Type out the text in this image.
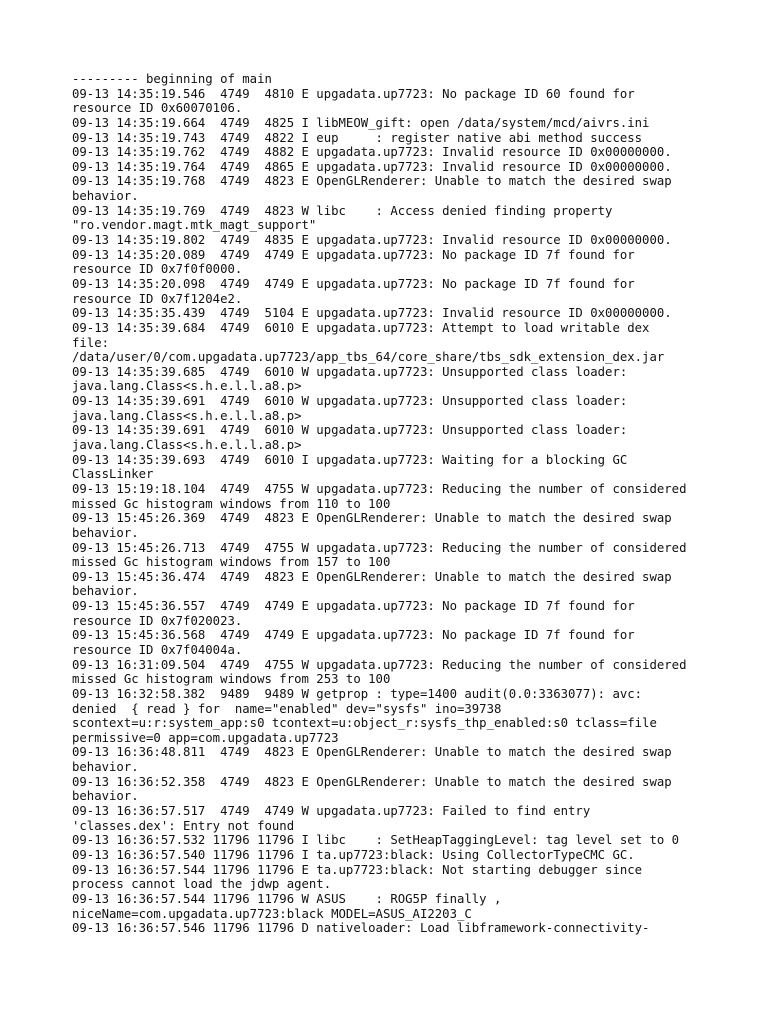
--------- beginning of main
09-13 14:35:19.546  4749  4810 E upgadata.up7723: No package ID 60 found for
resource ID 0x60070106.
09-13 14:35:19.664  4749  4825 I libMEOW_gift: open /data/system/mcd/aivrs.ini
09-13 14:35:19.743  4749  4822 I eup     : register native abi method success
09-13 14:35:19.762  4749  4882 E upgadata.up7723: Invalid resource ID 0x00000000.
09-13 14:35:19.764  4749  4865 E upgadata.up7723: Invalid resource ID 0x00000000.
09-13 14:35:19.768  4749  4823 E OpenGLRenderer: Unable to match the desired swap
behavior.
09-13 14:35:19.769  4749  4823 W libc    : Access denied finding property
"ro.vendor.magt.mtk_magt_support"
09-13 14:35:19.802  4749  4835 E upgadata.up7723: Invalid resource ID 0x00000000.
09-13 14:35:20.089  4749  4749 E upgadata.up7723: No package ID 7f found for
resource ID 0x7f0f0000.
09-13 14:35:20.098  4749  4749 E upgadata.up7723: No package ID 7f found for
resource ID 0x7f1204e2.
09-13 14:35:35.439  4749  5104 E upgadata.up7723: Invalid resource ID 0x00000000.
09-13 14:35:39.684  4749  6010 E upgadata.up7723: Attempt to load writable dex
file:
/data/user/0/com.upgadata.up7723/app_tbs_64/core_share/tbs_sdk_extension_dex.jar
09-13 14:35:39.685  4749  6010 W upgadata.up7723: Unsupported class loader:
java.lang.Class<s.h.e.l.l.a8.p>
09-13 14:35:39.691  4749  6010 W upgadata.up7723: Unsupported class loader:
java.lang.Class<s.h.e.l.l.a8.p>
09-13 14:35:39.691  4749  6010 W upgadata.up7723: Unsupported class loader:
java.lang.Class<s.h.e.l.l.a8.p>
09-13 14:35:39.693  4749  6010 I upgadata.up7723: Waiting for a blocking GC
ClassLinker
09-13 15:19:18.104  4749  4755 W upgadata.up7723: Reducing the number of considered
missed Gc histogram windows from 110 to 100
09-13 15:45:26.369  4749  4823 E OpenGLRenderer: Unable to match the desired swap
behavior.
09-13 15:45:26.713  4749  4755 W upgadata.up7723: Reducing the number of considered
missed Gc histogram windows from 157 to 100
09-13 15:45:36.474  4749  4823 E OpenGLRenderer: Unable to match the desired swap
behavior.
09-13 15:45:36.557  4749  4749 E upgadata.up7723: No package ID 7f found for
resource ID 0x7f020023.
09-13 15:45:36.568  4749  4749 E upgadata.up7723: No package ID 7f found for
resource ID 0x7f04004a.
09-13 16:31:09.504  4749  4755 W upgadata.up7723: Reducing the number of considered
missed Gc histogram windows from 253 to 100
09-13 16:32:58.382  9489  9489 W getprop : type=1400 audit(0.0:3363077): avc:
denied  { read } for  name="enabled" dev="sysfs" ino=39738
scontext=u:r:system_app:s0 tcontext=u:object_r:sysfs_thp_enabled:s0 tclass=file
permissive=0 app=com.upgadata.up7723
09-13 16:36:48.811  4749  4823 E OpenGLRenderer: Unable to match the desired swap
behavior.
09-13 16:36:52.358  4749  4823 E OpenGLRenderer: Unable to match the desired swap
behavior.
09-13 16:36:57.517  4749  4749 W upgadata.up7723: Failed to find entry
'classes.dex': Entry not found
09-13 16:36:57.532 11796 11796 I libc    : SetHeapTaggingLevel: tag level set to 0
09-13 16:36:57.540 11796 11796 I ta.up7723:black: Using CollectorTypeCMC GC.
09-13 16:36:57.544 11796 11796 E ta.up7723:black: Not starting debugger since
process cannot load the jdwp agent.
09-13 16:36:57.544 11796 11796 W ASUS    : ROG5P finally ,
niceName=com.upgadata.up7723:black MODEL=ASUS_AI2203_C
09-13 16:36:57.546 11796 11796 D nativeloader: Load libframework-connectivity-
